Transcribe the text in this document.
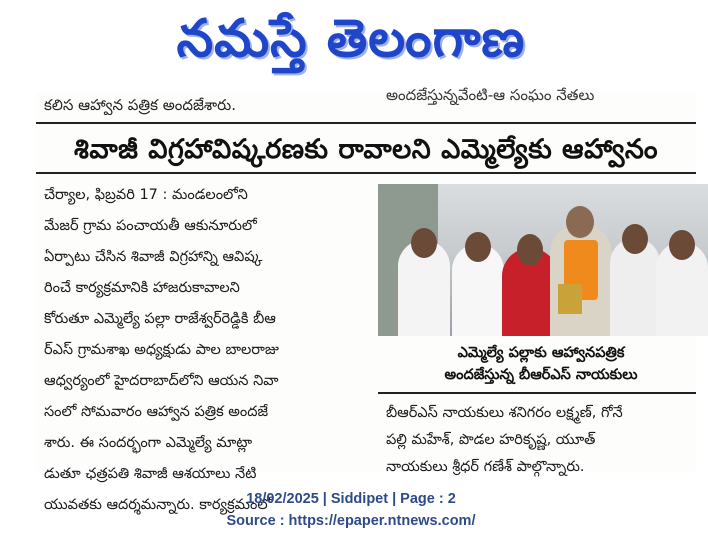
నమస్తే తెలంగాణ
కలిస ఆహ్వాన పత్రిక అందజేశారు.
అందజేస్తున్నవేంటి-ఆ సంఘం నేతలు
శివాజీ విగ్రహావిష్కరణకు రావాలని ఎమ్మెల్యేకు ఆహ్వానం

చేర్యాల, ఫిబ్రవరి 17 : మండలంలోని

మేజర్ గ్రామ పంచాయతీ ఆకునూరులో

ఏర్పాటు చేసిన శివాజీ విగ్రహాన్ని ఆవిష్క

రించే కార్యక్రమానికి హాజరుకావాలని

కోరుతూ ఎమ్మెల్యే పల్లా రాజేశ్వర్‌రెడ్డికి బీఆ

ర్‌ఎస్ గ్రామశాఖ అధ్యక్షుడు పాల బాలరాజు

ఆధ్వర్యంలో హైదరాబాద్‌లోని ఆయన నివా

సంలో సోమవారం ఆహ్వాన పత్రిక అందజే

శారు. ఈ సందర్భంగా ఎమ్మెల్యే మాట్లా

డుతూ ఛత్రపతి శివాజీ ఆశయాలు నేటి

యువతకు ఆదర్శమన్నారు. కార్యక్రమంలో

ఎమ్మెల్యే పల్లాకు ఆహ్వానపత్రిక
అందజేస్తున్న బీఆర్‌ఎస్ నాయకులు

బీఆర్‌ఎస్ నాయకులు శనిగరం లక్ష్మణ్, గోనే

పల్లి మహేశ్, పొడల హరికృష్ణ, యూత్

నాయకులు శ్రీధర్ గణేశ్ పాల్గొన్నారు.

18/02/2025 | Siddipet | Page : 2
Source : https://epaper.ntnews.com/
